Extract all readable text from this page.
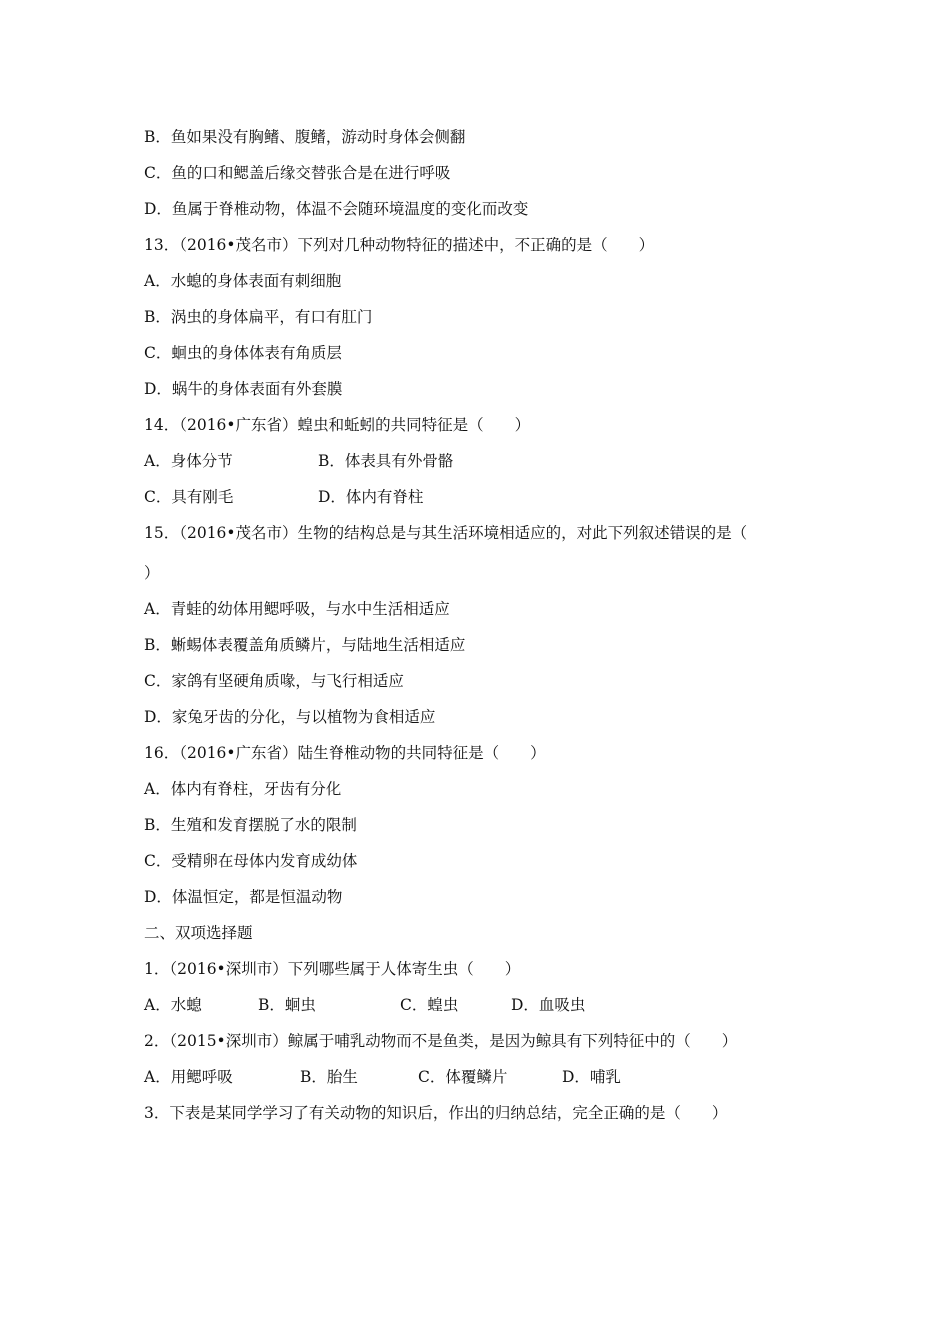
B．鱼如果没有胸鳍、腹鳍，游动时身体会侧翻
C．鱼的口和鳃盖后缘交替张合是在进行呼吸
D．鱼属于脊椎动物，体温不会随环境温度的变化而改变
13．（2016•茂名市）下列对几种动物特征的描述中，不正确的是（　　）
A．水螅的身体表面有刺细胞
B．涡虫的身体扁平，有口有肛门
C．蛔虫的身体体表有角质层
D．蜗牛的身体表面有外套膜
14．（2016•广东省）蝗虫和蚯蚓的共同特征是（　　）
A．身体分节	B．体表具有外骨骼
C．具有刚毛	D．体内有脊柱
15．（2016•茂名市）生物的结构总是与其生活环境相适应的，对此下列叙述错误的是（
）
A．青蛙的幼体用鳃呼吸，与水中生活相适应
B．蜥蜴体表覆盖角质鳞片，与陆地生活相适应
C．家鸽有坚硬角质喙，与飞行相适应
D．家兔牙齿的分化，与以植物为食相适应
16．（2016•广东省）陆生脊椎动物的共同特征是（　　）
A．体内有脊柱，牙齿有分化
B．生殖和发育摆脱了水的限制
C．受精卵在母体内发育成幼体
D．体温恒定，都是恒温动物
二、双项选择题
1．（2016•深圳市）下列哪些属于人体寄生虫（　　）
A．水螅	B．蛔虫	C．蝗虫	D．血吸虫
2．（2015•深圳市）鲸属于哺乳动物而不是鱼类，是因为鲸具有下列特征中的（　　）
A．用鳃呼吸	B．胎生	C．体覆鳞片	D．哺乳
3．下表是某同学学习了有关动物的知识后，作出的归纳总结，完全正确的是（　　）
